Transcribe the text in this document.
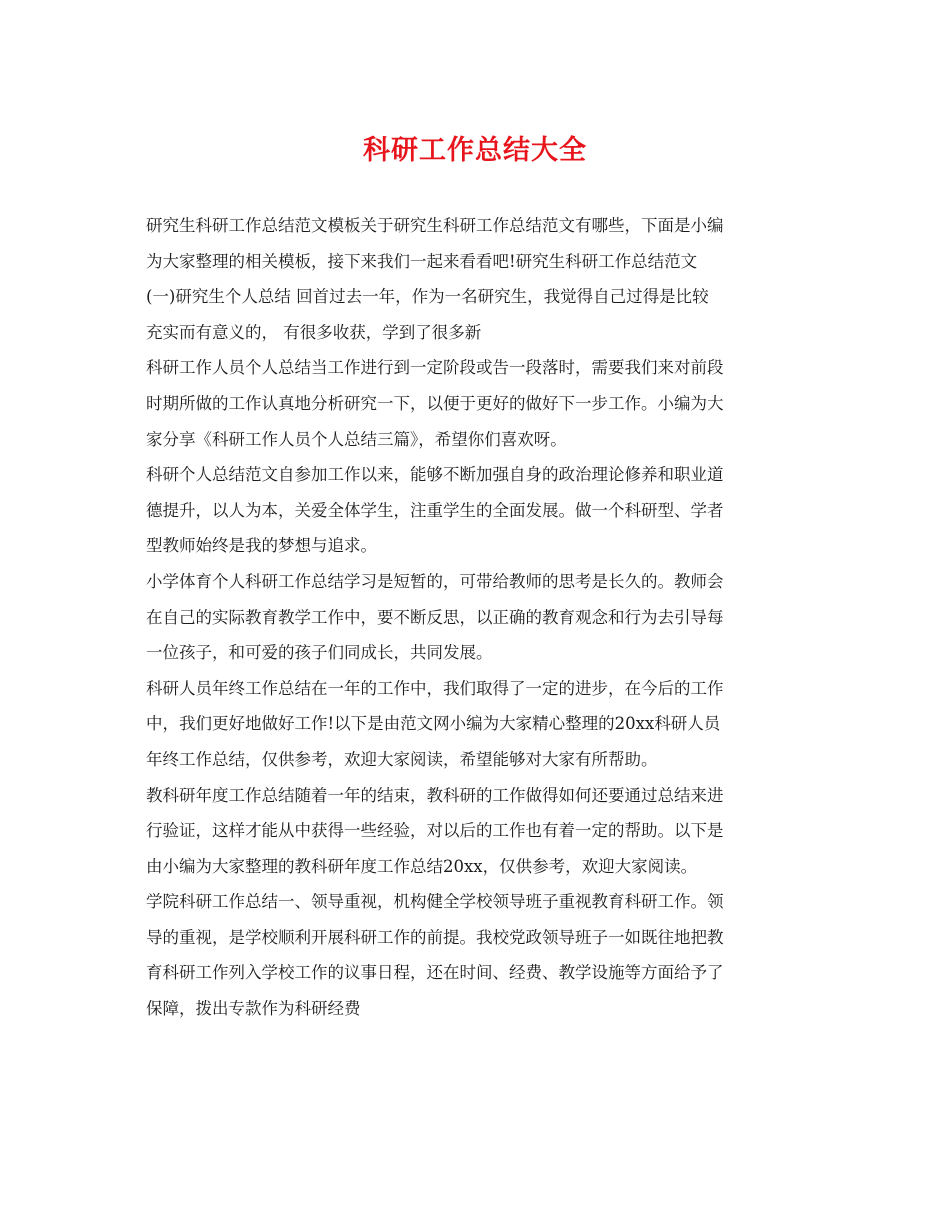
科研工作总结大全
研究生科研工作总结范文模板关于研究生科研工作总结范文有哪些，下面是小编
为大家整理的相关模板，接下来我们一起来看看吧!研究生科研工作总结范文
(一)研究生个人总结 回首过去一年，作为一名研究生，我觉得自己过得是比较
充实而有意义的， 有很多收获，学到了很多新
科研工作人员个人总结当工作进行到一定阶段或告一段落时，需要我们来对前段
时期所做的工作认真地分析研究一下，以便于更好的做好下一步工作。小编为大
家分享《科研工作人员个人总结三篇》，希望你们喜欢呀。
科研个人总结范文自参加工作以来，能够不断加强自身的政治理论修养和职业道
德提升，以人为本，关爱全体学生，注重学生的全面发展。做一个科研型、学者
型教师始终是我的梦想与追求。
小学体育个人科研工作总结学习是短暂的，可带给教师的思考是长久的。教师会
在自己的实际教育教学工作中，要不断反思，以正确的教育观念和行为去引导每
一位孩子，和可爱的孩子们同成长，共同发展。
科研人员年终工作总结在一年的工作中，我们取得了一定的进步，在今后的工作
中，我们更好地做好工作!以下是由范文网小编为大家精心整理的20xx科研人员
年终工作总结，仅供参考，欢迎大家阅读，希望能够对大家有所帮助。
教科研年度工作总结随着一年的结束，教科研的工作做得如何还要通过总结来进
行验证，这样才能从中获得一些经验，对以后的工作也有着一定的帮助。以下是
由小编为大家整理的教科研年度工作总结20xx，仅供参考，欢迎大家阅读。
学院科研工作总结一、领导重视，机构健全学校领导班子重视教育科研工作。领
导的重视，是学校顺利开展科研工作的前提。我校党政领导班子一如既往地把教
育科研工作列入学校工作的议事日程，还在时间、经费、教学设施等方面给予了
保障，拨出专款作为科研经费
